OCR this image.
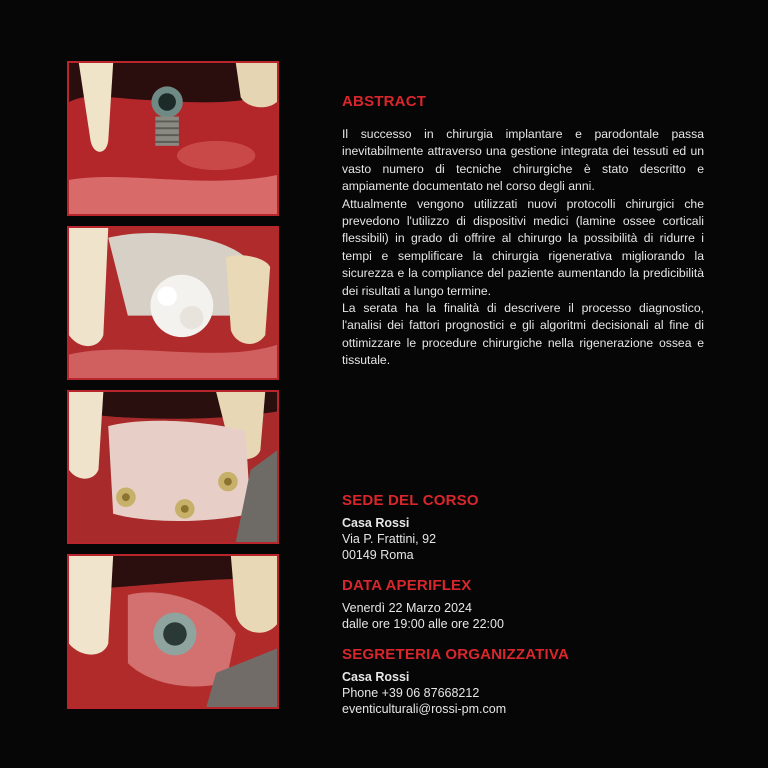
ABSTRACT

Il successo in chirurgia implantare e parodontale passa inevitabilmente attraverso una gestione integrata dei tessuti ed un vasto numero di tecniche chirurgiche è stato descritto e ampiamente documentato nel corso degli anni.

Attualmente vengono utilizzati nuovi protocolli chirurgici che prevedono l'utilizzo di dispositivi medici (lamine ossee corticali flessibili) in grado di offrire al chirurgo la possibilità di ridurre i tempi e semplificare la chirurgia rigenerativa migliorando la sicurezza e la compliance del paziente aumentando la predicibilità dei risultati a lungo termine.

La serata ha la finalità di descrivere il processo diagnostico, l'analisi dei fattori prognostici e gli algoritmi decisionali al fine di ottimizzare le procedure chirurgiche nella rigenerazione ossea e tissutale.

SEDE DEL CORSO

Casa Rossi

Via P. Frattini, 92

00149 Roma

DATA APERIFLEX

Venerdì 22 Marzo 2024

dalle ore 19:00 alle ore 22:00

SEGRETERIA ORGANIZZATIVA

Casa Rossi

Phone +39 06 87668212

eventiculturali@rossi-pm.com
